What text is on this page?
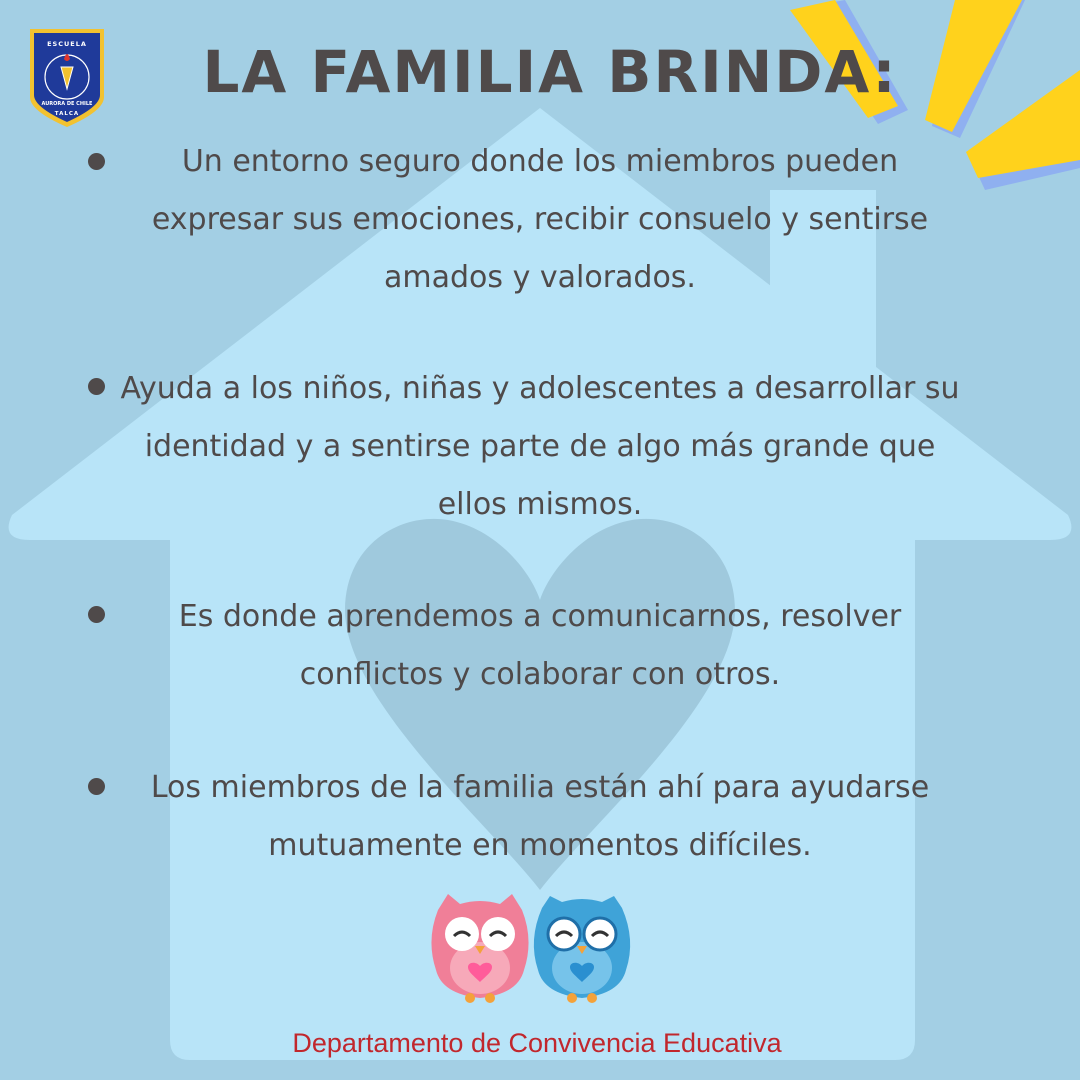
ESCUELA
AURORA DE CHILE
TALCA
LA FAMILIA BRINDA:
Un entorno seguro donde los miembros pueden expresar sus emociones, recibir consuelo y sentirse amados y valorados.
Ayuda a los niños, niñas y adolescentes a desarrollar su identidad y a sentirse parte de algo más grande que ellos mismos.
Es donde aprendemos a comunicarnos, resolver conflictos y colaborar con otros.
Los miembros de la familia están ahí para ayudarse mutuamente en momentos difíciles.
Departamento de Convivencia Educativa
